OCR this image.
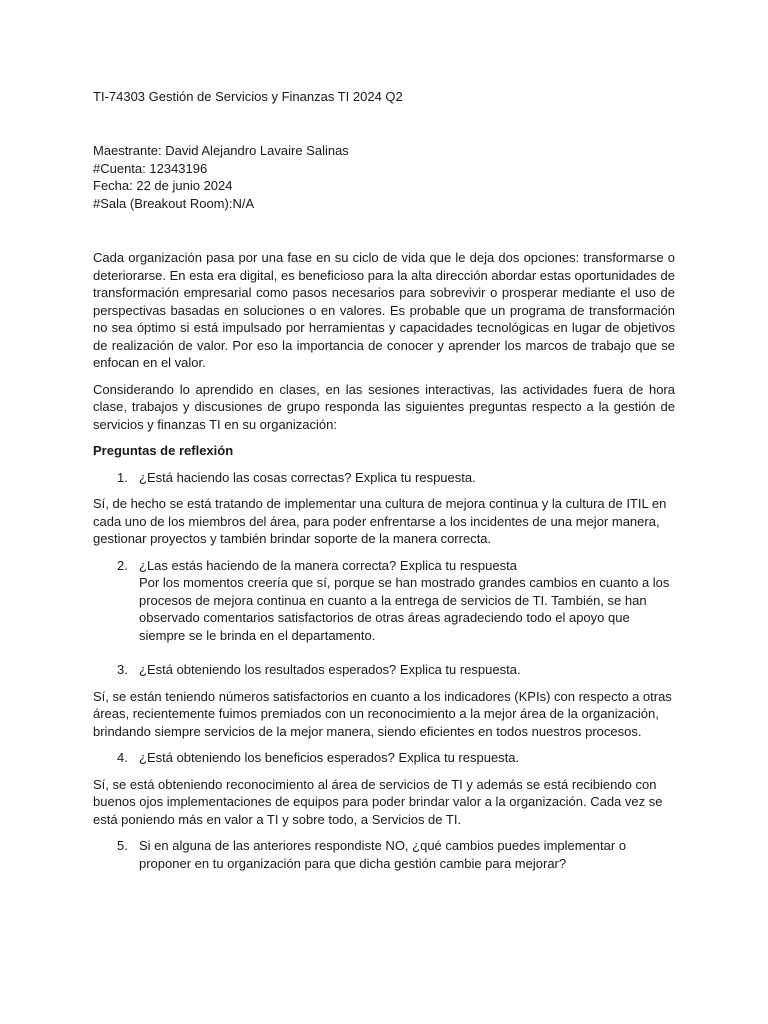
TI-74303 Gestión de Servicios y Finanzas TI 2024 Q2
Maestrante: David Alejandro Lavaire Salinas
#Cuenta: 12343196
Fecha: 22 de junio 2024
#Sala (Breakout Room):N/A

Cada organización pasa por una fase en su ciclo de vida que le deja dos opciones: transformarse o deteriorarse. En esta era digital, es beneficioso para la alta dirección abordar estas oportunidades de transformación empresarial como pasos necesarios para sobrevivir o prosperar mediante el uso de perspectivas basadas en soluciones o en valores. Es probable que un programa de transformación no sea óptimo si está impulsado por herramientas y capacidades tecnológicas en lugar de objetivos de realización de valor. Por eso la importancia de conocer y aprender los marcos de trabajo que se enfocan en el valor.

Considerando lo aprendido en clases, en las sesiones interactivas, las actividades fuera de hora clase, trabajos y discusiones de grupo responda las siguientes preguntas respecto a la gestión de servicios y finanzas TI en su organización:

Preguntas de reflexión

1. ¿Está haciendo las cosas correctas? Explica tu respuesta.

Sí, de hecho se está tratando de implementar una cultura de mejora continua y la cultura de ITIL en cada uno de los miembros del área, para poder enfrentarse a los incidentes de una mejor manera, gestionar proyectos y también brindar soporte de la manera correcta.

2. ¿Las estás haciendo de la manera correcta? Explica tu respuesta

Por los momentos creería que sí, porque se han mostrado grandes cambios en cuanto a los procesos de mejora continua en cuanto a la entrega de servicios de TI. También, se han observado comentarios satisfactorios de otras áreas agradeciendo todo el apoyo que siempre se le brinda en el departamento.

3. ¿Está obteniendo los resultados esperados? Explica tu respuesta.

Sí, se están teniendo números satisfactorios en cuanto a los indicadores (KPIs) con respecto a otras áreas, recientemente fuimos premiados con un reconocimiento a la mejor área de la organización, brindando siempre servicios de la mejor manera, siendo eficientes en todos nuestros procesos.

4. ¿Está obteniendo los beneficios esperados? Explica tu respuesta.

Sí, se está obteniendo reconocimiento al área de servicios de TI y además se está recibiendo con buenos ojos implementaciones de equipos para poder brindar valor a la organización. Cada vez se está poniendo más en valor a TI y sobre todo, a Servicios de TI.

5. Si en alguna de las anteriores respondiste NO, ¿qué cambios puedes implementar o proponer en tu organización para que dicha gestión cambie para mejorar?
